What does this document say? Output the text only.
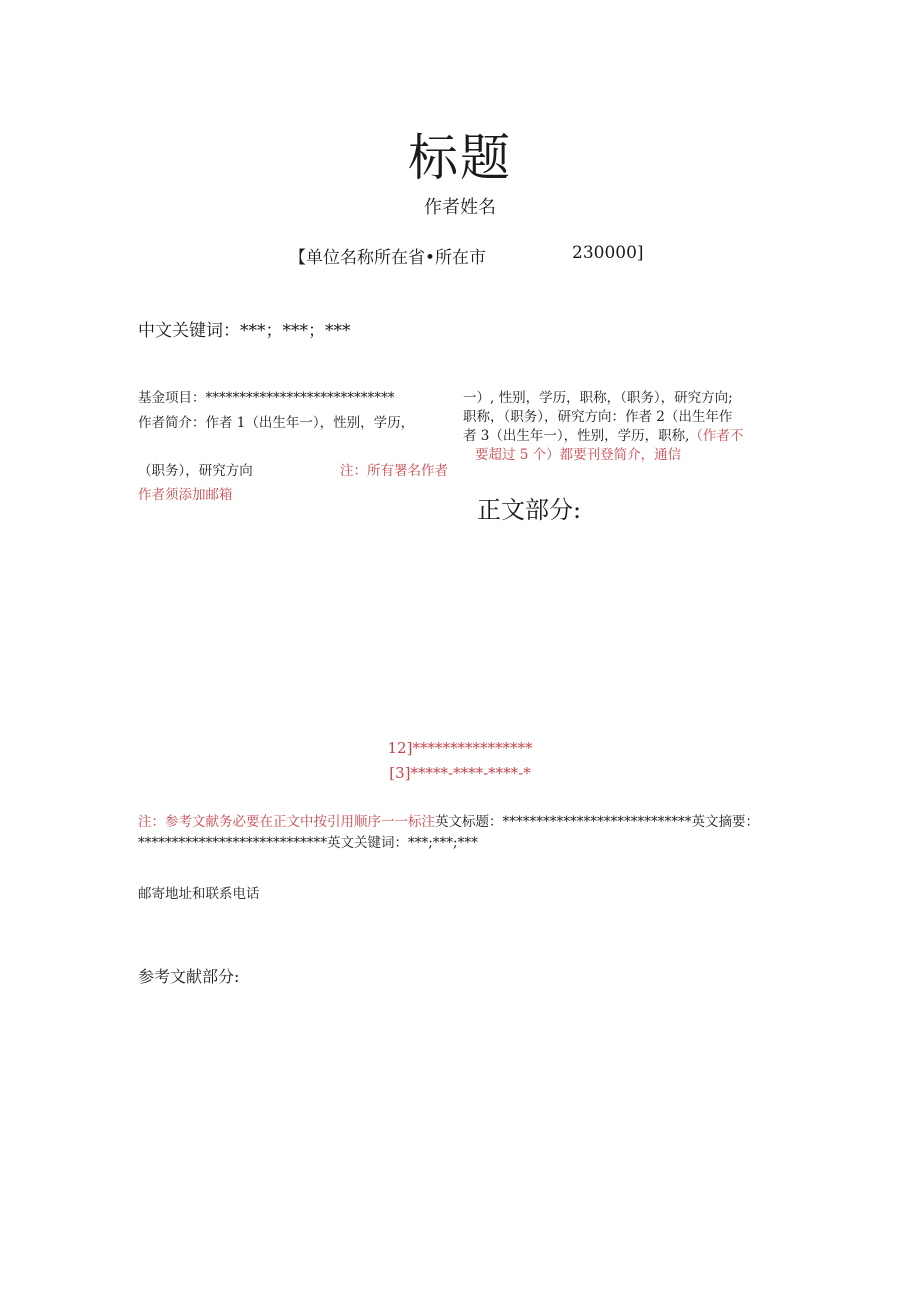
标题
作者姓名
【单位名称所在省•所在市	230000]
中文关键词：***；***；***
基金项目：****************************
作者简介：作者 1（出生年一），性别，学历，
（职务），研究方向	注：所有署名作者
作者须添加邮箱
一）, 性别，学历，职称，（职务），研究方向;
职称，（职务），研究方向：作者 2（出生年作
者 3（出生年一），性别，学历，职称,（作者不
要超过 5 个）都要刊登简介，通信
正文部分:
12]****************
[3]*****-****-****-*
注：参考文献务必要在正文中按引用顺序一一标注英文标题：****************************英文摘要：****************************英文关键词：***;***;***
邮寄地址和联系电话
参考文献部分:
